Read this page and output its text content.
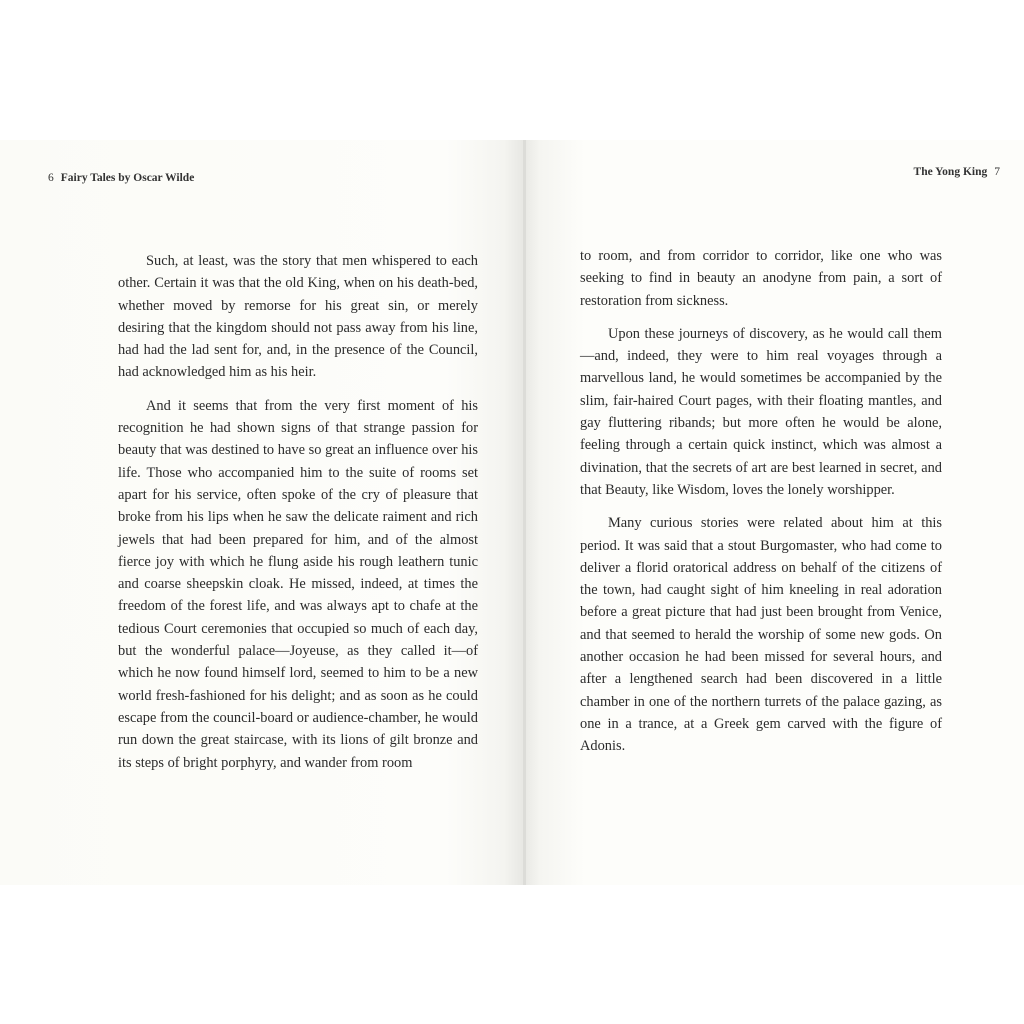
6 Fairy Tales by Oscar Wilde

Such, at least, was the story that men whispered to each other. Certain it was that the old King, when on his death-bed, whether moved by remorse for his great sin, or merely desiring that the kingdom should not pass away from his line, had had the lad sent for, and, in the presence of the Council, had acknowledged him as his heir.

And it seems that from the very first moment of his recognition he had shown signs of that strange passion for beauty that was destined to have so great an influence over his life. Those who accompanied him to the suite of rooms set apart for his service, often spoke of the cry of pleasure that broke from his lips when he saw the delicate raiment and rich jewels that had been prepared for him, and of the almost fierce joy with which he flung aside his rough leathern tunic and coarse sheepskin cloak. He missed, indeed, at times the freedom of the forest life, and was always apt to chafe at the tedious Court ceremonies that occupied so much of each day, but the wonderful palace—Joyeuse, as they called it—of which he now found himself lord, seemed to him to be a new world fresh-fashioned for his delight; and as soon as he could escape from the council-board or audience-chamber, he would run down the great staircase, with its lions of gilt bronze and its steps of bright porphyry, and wander from room

The Yong King 7

to room, and from corridor to corridor, like one who was seeking to find in beauty an anodyne from pain, a sort of restoration from sickness.

Upon these journeys of discovery, as he would call them—and, indeed, they were to him real voyages through a marvellous land, he would sometimes be accompanied by the slim, fair-haired Court pages, with their floating mantles, and gay fluttering ribands; but more often he would be alone, feeling through a certain quick instinct, which was almost a divination, that the secrets of art are best learned in secret, and that Beauty, like Wisdom, loves the lonely worshipper.

Many curious stories were related about him at this period. It was said that a stout Burgomaster, who had come to deliver a florid oratorical address on behalf of the citizens of the town, had caught sight of him kneeling in real adoration before a great picture that had just been brought from Venice, and that seemed to herald the worship of some new gods. On another occasion he had been missed for several hours, and after a lengthened search had been discovered in a little chamber in one of the northern turrets of the palace gazing, as one in a trance, at a Greek gem carved with the figure of Adonis.
